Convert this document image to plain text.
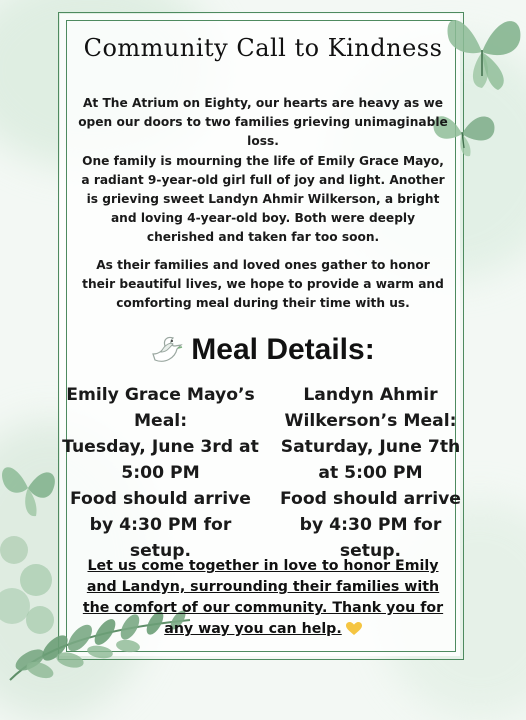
Community Call to Kindness
At The Atrium on Eighty, our hearts are heavy as we open our doors to two families grieving unimaginable loss.
One family is mourning the life of Emily Grace Mayo, a radiant 9-year-old girl full of joy and light. Another is grieving sweet Landyn Ahmir Wilkerson, a bright and loving 4-year-old boy. Both were deeply cherished and taken far too soon.
As their families and loved ones gather to honor their beautiful lives, we hope to provide a warm and comforting meal during their time with us.
Meal Details:
Emily Grace Mayo’s Meal:
Tuesday, June 3rd at 5:00 PM
Food should arrive by 4:30 PM for setup.
Landyn Ahmir Wilkerson’s Meal:
Saturday, June 7th at 5:00 PM
Food should arrive by 4:30 PM for setup.
Let us come together in love to honor Emily and Landyn, surrounding their families with the comfort of our community. Thank you for any way you can help.
